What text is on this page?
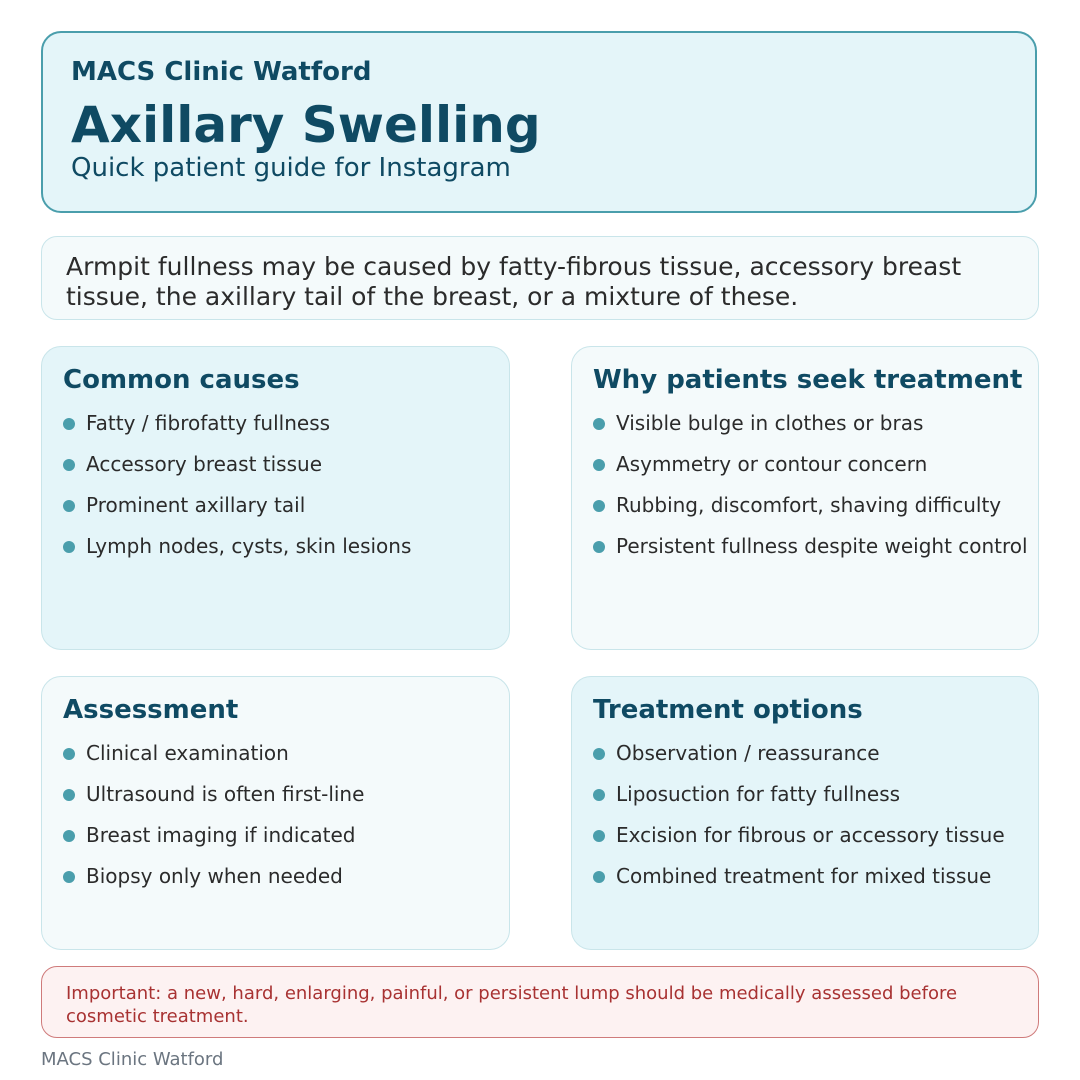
MACS Clinic Watford
Axillary Swelling
Quick patient guide for Instagram
Armpit fullness may be caused by fatty-fibrous tissue, accessory breast tissue, the axillary tail of the breast, or a mixture of these.
Common causes
Fatty / fibrofatty fullness
Accessory breast tissue
Prominent axillary tail
Lymph nodes, cysts, skin lesions
Why patients seek treatment
Visible bulge in clothes or bras
Asymmetry or contour concern
Rubbing, discomfort, shaving difficulty
Persistent fullness despite weight control
Assessment
Clinical examination
Ultrasound is often first-line
Breast imaging if indicated
Biopsy only when needed
Treatment options
Observation / reassurance
Liposuction for fatty fullness
Excision for fibrous or accessory tissue
Combined treatment for mixed tissue
Important: a new, hard, enlarging, painful, or persistent lump should be medically assessed before cosmetic treatment.
MACS Clinic Watford
